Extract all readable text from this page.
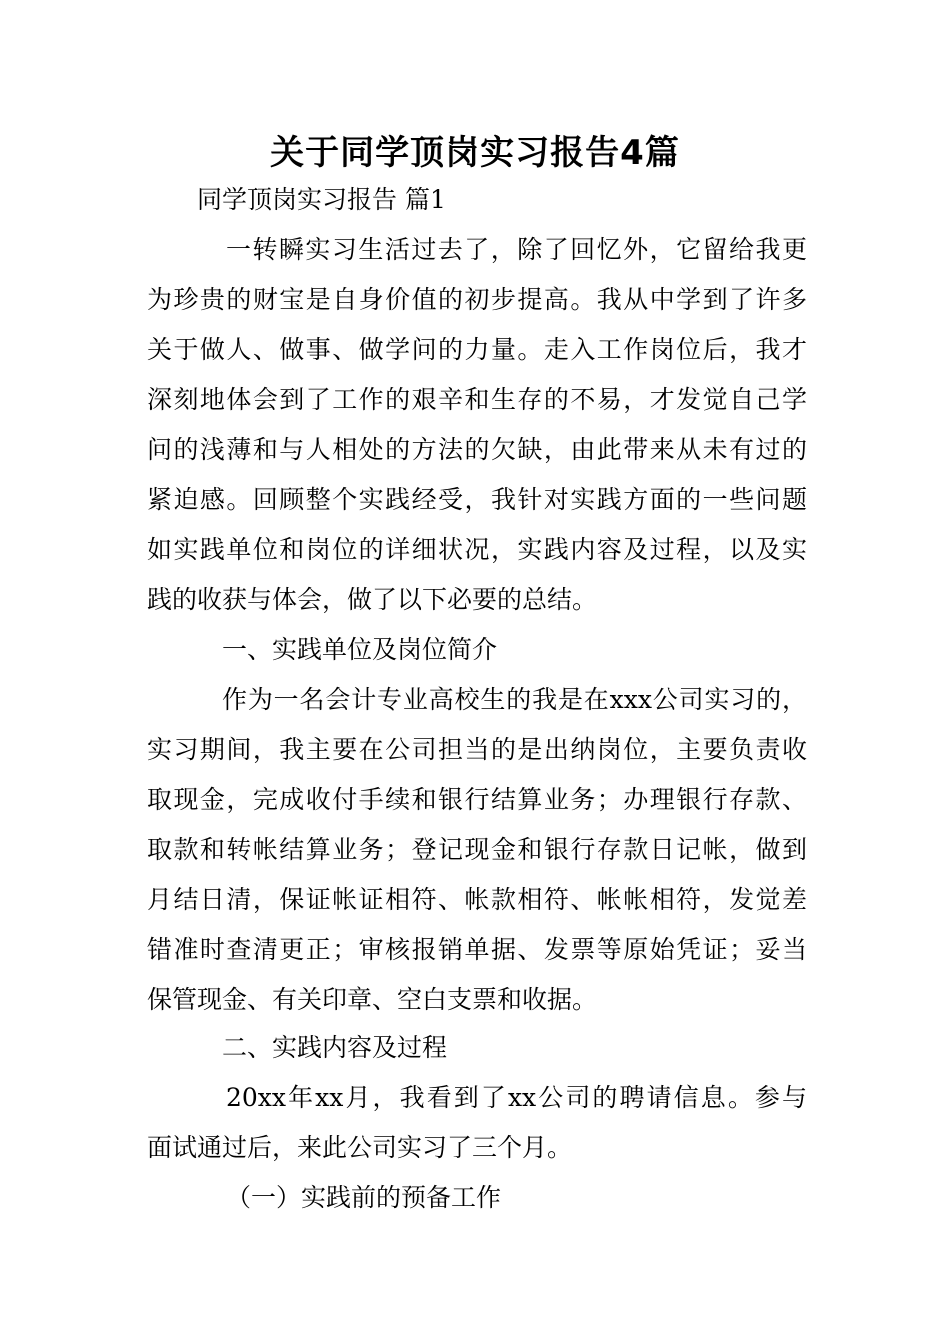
关于同学顶岗实习报告4篇
同学顶岗实习报告 篇1
一转瞬实习生活过去了，除了回忆外，它留给我更
为珍贵的财宝是自身价值的初步提高。我从中学到了许多
关于做人、做事、做学问的力量。走入工作岗位后，我才
深刻地体会到了工作的艰辛和生存的不易，才发觉自己学
问的浅薄和与人相处的方法的欠缺，由此带来从未有过的
紧迫感。回顾整个实践经受，我针对实践方面的一些问题
如实践单位和岗位的详细状况，实践内容及过程，以及实
践的收获与体会，做了以下必要的总结。
一、实践单位及岗位简介
作为一名会计专业高校生的我是在xxx公司实习的，
实习期间，我主要在公司担当的是出纳岗位，主要负责收
取现金，完成收付手续和银行结算业务；办理银行存款、
取款和转帐结算业务；登记现金和银行存款日记帐，做到
月结日清，保证帐证相符、帐款相符、帐帐相符，发觉差
错准时查清更正；审核报销单据、发票等原始凭证；妥当
保管现金、有关印章、空白支票和收据。
二、实践内容及过程
20xx年xx月，我看到了xx公司的聘请信息。参与
面试通过后，来此公司实习了三个月。
（一）实践前的预备工作
